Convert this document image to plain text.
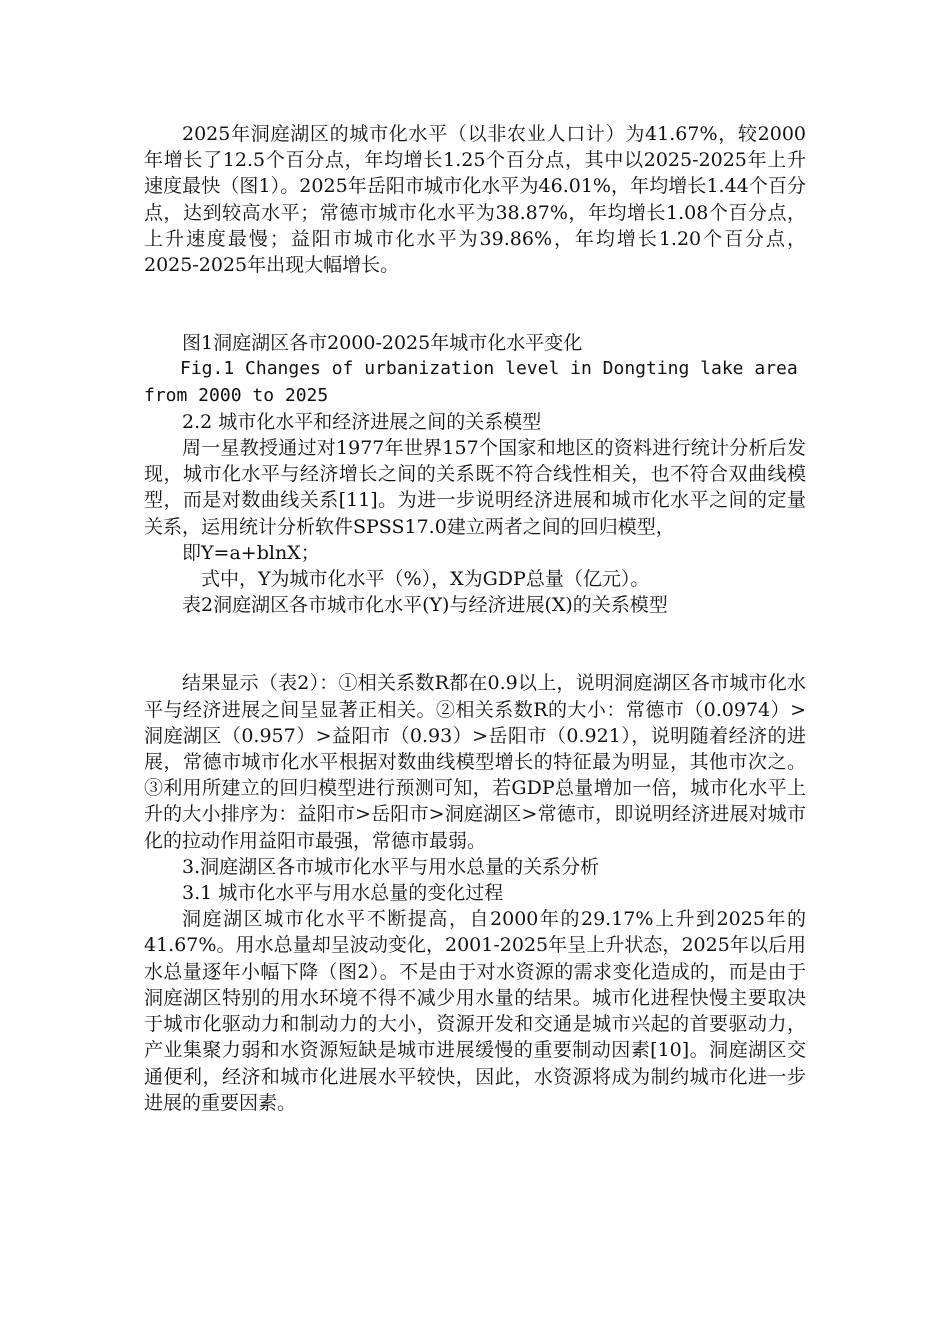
2025年洞庭湖区的城市化水平（以非农业人口计）为41.67%，较2000年增长了12.5个百分点，年均增长1.25个百分点，其中以2025-2025年上升速度最快（图1）。2025年岳阳市城市化水平为46.01%，年均增长1.44个百分点，达到较高水平；常德市城市化水平为38.87%，年均增长1.08个百分点，上升速度最慢；益阳市城市化水平为39.86%，年均增长1.20个百分点，2025-2025年出现大幅增长。

图1洞庭湖区各市2000-2025年城市化水平变化

Fig.1 Changes of urbanization level in Dongting lake area from 2000 to 2025

2.2 城市化水平和经济进展之间的关系模型

周一星教授通过对1977年世界157个国家和地区的资料进行统计分析后发现，城市化水平与经济增长之间的关系既不符合线性相关，也不符合双曲线模型，而是对数曲线关系[11]。为进一步说明经济进展和城市化水平之间的定量关系，运用统计分析软件SPSS17.0建立两者之间的回归模型，

即Y=a+blnX；

式中，Y为城市化水平（%），X为GDP总量（亿元）。

表2洞庭湖区各市城市化水平(Y)与经济进展(X)的关系模型

结果显示（表2）：①相关系数R都在0.9以上，说明洞庭湖区各市城市化水平与经济进展之间呈显著正相关。②相关系数R的大小：常德市（0.0974）>洞庭湖区（0.957）>益阳市（0.93）>岳阳市（0.921），说明随着经济的进展，常德市城市化水平根据对数曲线模型增长的特征最为明显，其他市次之。③利用所建立的回归模型进行预测可知，若GDP总量增加一倍，城市化水平上升的大小排序为：益阳市>岳阳市>洞庭湖区>常德市，即说明经济进展对城市化的拉动作用益阳市最强，常德市最弱。

3.洞庭湖区各市城市化水平与用水总量的关系分析

3.1 城市化水平与用水总量的变化过程

洞庭湖区城市化水平不断提高，自2000年的29.17%上升到2025年的41.67%。用水总量却呈波动变化，2001-2025年呈上升状态，2025年以后用水总量逐年小幅下降（图2）。不是由于对水资源的需求变化造成的，而是由于洞庭湖区特别的用水环境不得不减少用水量的结果。城市化进程快慢主要取决于城市化驱动力和制动力的大小，资源开发和交通是城市兴起的首要驱动力，产业集聚力弱和水资源短缺是城市进展缓慢的重要制动因素[10]。洞庭湖区交通便利，经济和城市化进展水平较快，因此，水资源将成为制约城市化进一步进展的重要因素。
